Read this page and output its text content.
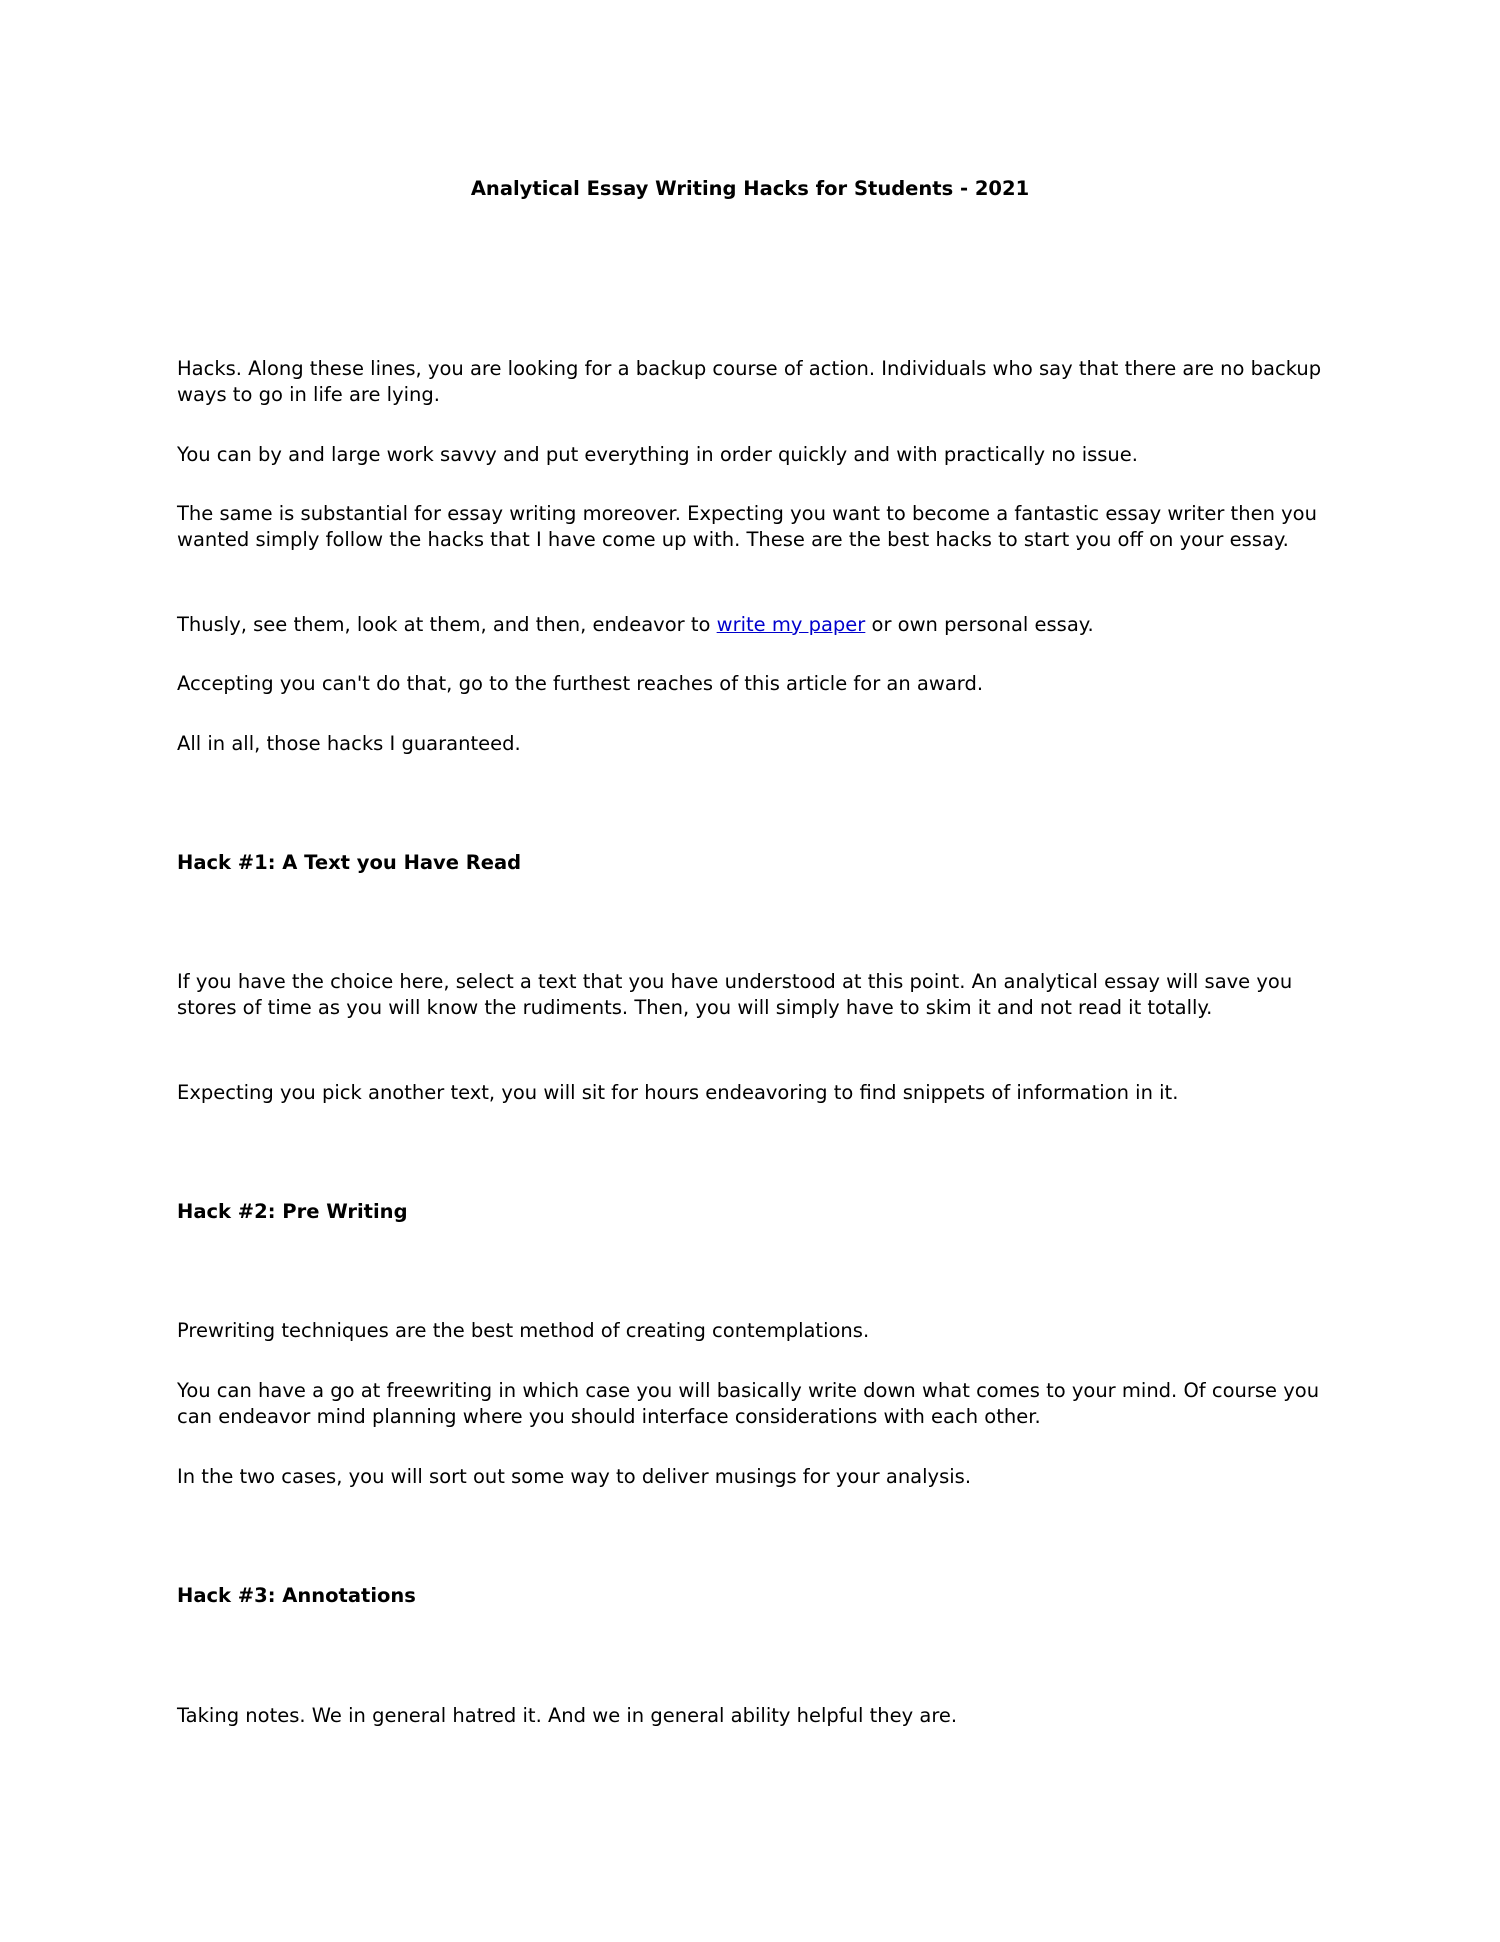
Analytical Essay Writing Hacks for Students - 2021

Hacks. Along these lines, you are looking for a backup course of action. Individuals who say that there are no backup ways to go in life are lying.

You can by and large work savvy and put everything in order quickly and with practically no issue.

The same is substantial for essay writing moreover. Expecting you want to become a fantastic essay writer then you wanted simply follow the hacks that I have come up with. These are the best hacks to start you off on your essay.

Thusly, see them, look at them, and then, endeavor to write my paper or own personal essay.

Accepting you can't do that, go to the furthest reaches of this article for an award.

All in all, those hacks I guaranteed.

Hack #1: A Text you Have Read

If you have the choice here, select a text that you have understood at this point. An analytical essay will save you stores of time as you will know the rudiments. Then, you will simply have to skim it and not read it totally.

Expecting you pick another text, you will sit for hours endeavoring to find snippets of information in it.

Hack #2: Pre Writing

Prewriting techniques are the best method of creating contemplations.

You can have a go at freewriting in which case you will basically write down what comes to your mind. Of course you can endeavor mind planning where you should interface considerations with each other.

In the two cases, you will sort out some way to deliver musings for your analysis.

Hack #3: Annotations

Taking notes. We in general hatred it. And we in general ability helpful they are.
